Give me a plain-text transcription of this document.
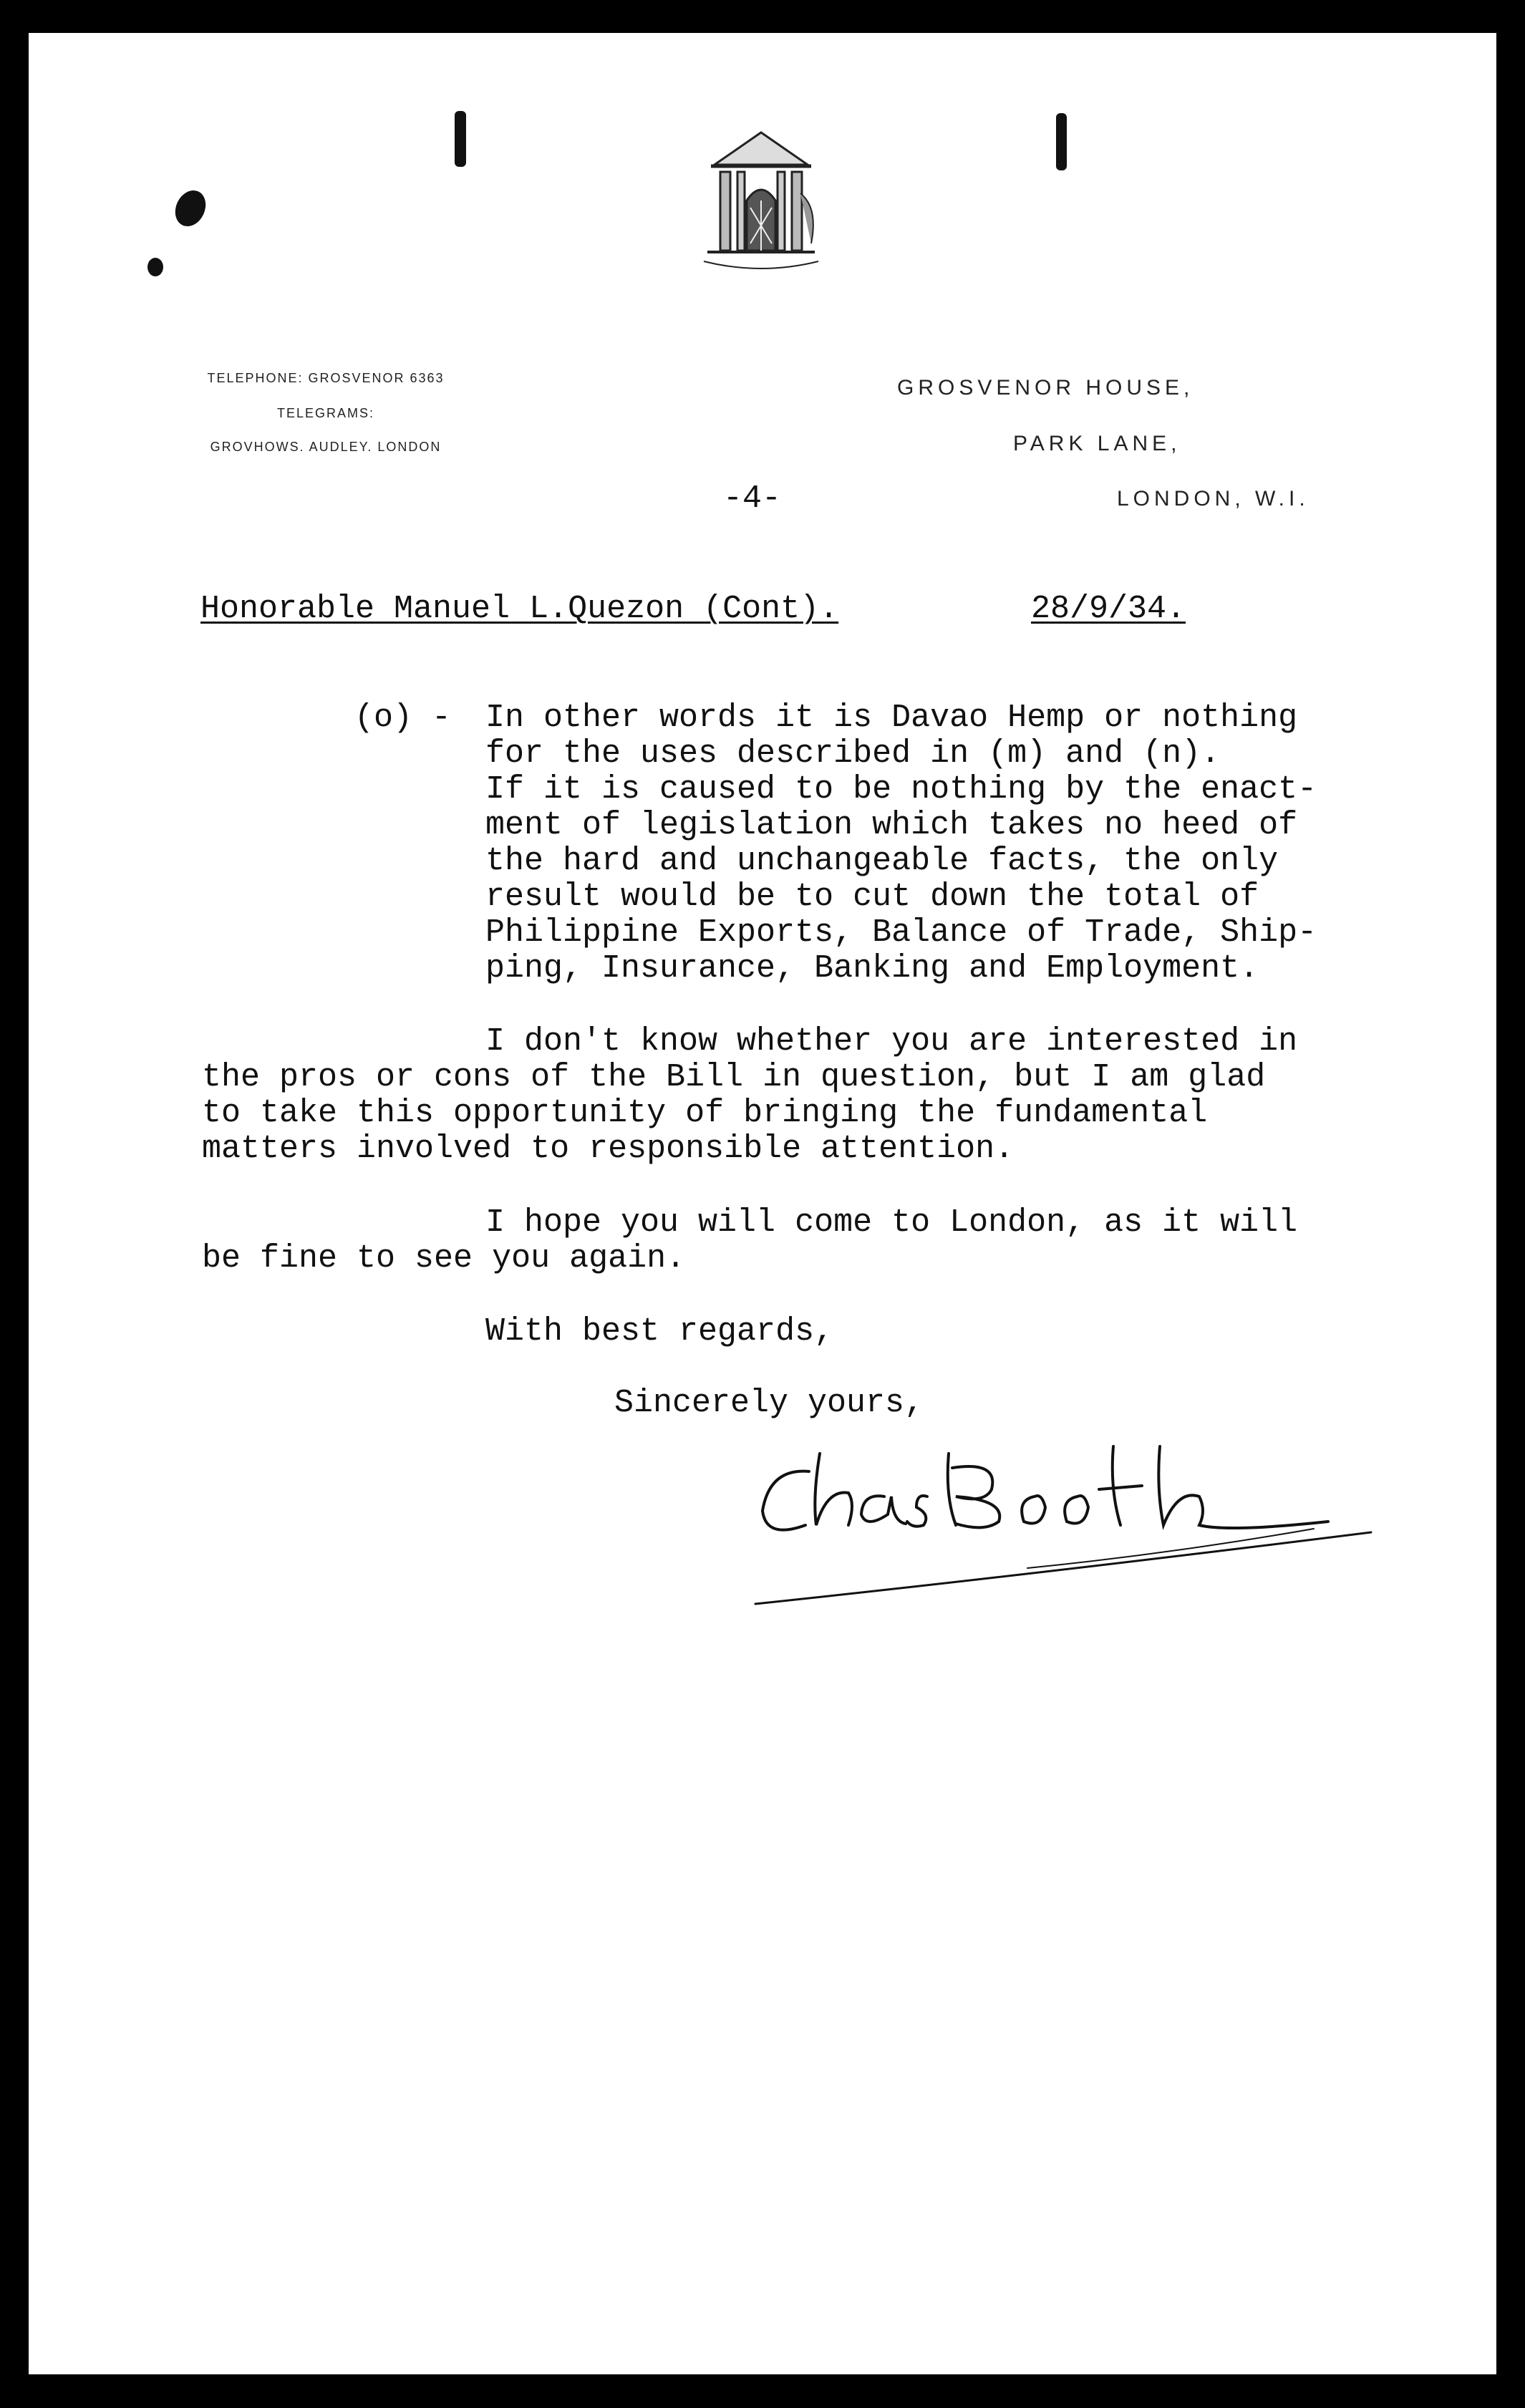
TELEPHONE: GROSVENOR 6363
TELEGRAMS:
GROVHOWS. AUDLEY. LONDON
GROSVENOR HOUSE,
PARK LANE,
LONDON, W.I.
-4-
Honorable Manuel L.Quezon (Cont).	28/9/34.
(o) - In other words it is Davao Hemp or nothing
for the uses described in (m) and (n).
If it is caused to be nothing by the enact-
ment of legislation which takes no heed of
the hard and unchangeable facts, the only
result would be to cut down the total of
Philippine Exports, Balance of Trade, Ship-
ping, Insurance, Banking and Employment.
I don't know whether you are interested in
the pros or cons of the Bill in question, but I am glad
to take this opportunity of bringing the fundamental
matters involved to responsible attention.
I hope you will come to London, as it will
be fine to see you again.
With best regards,
Sincerely yours,
